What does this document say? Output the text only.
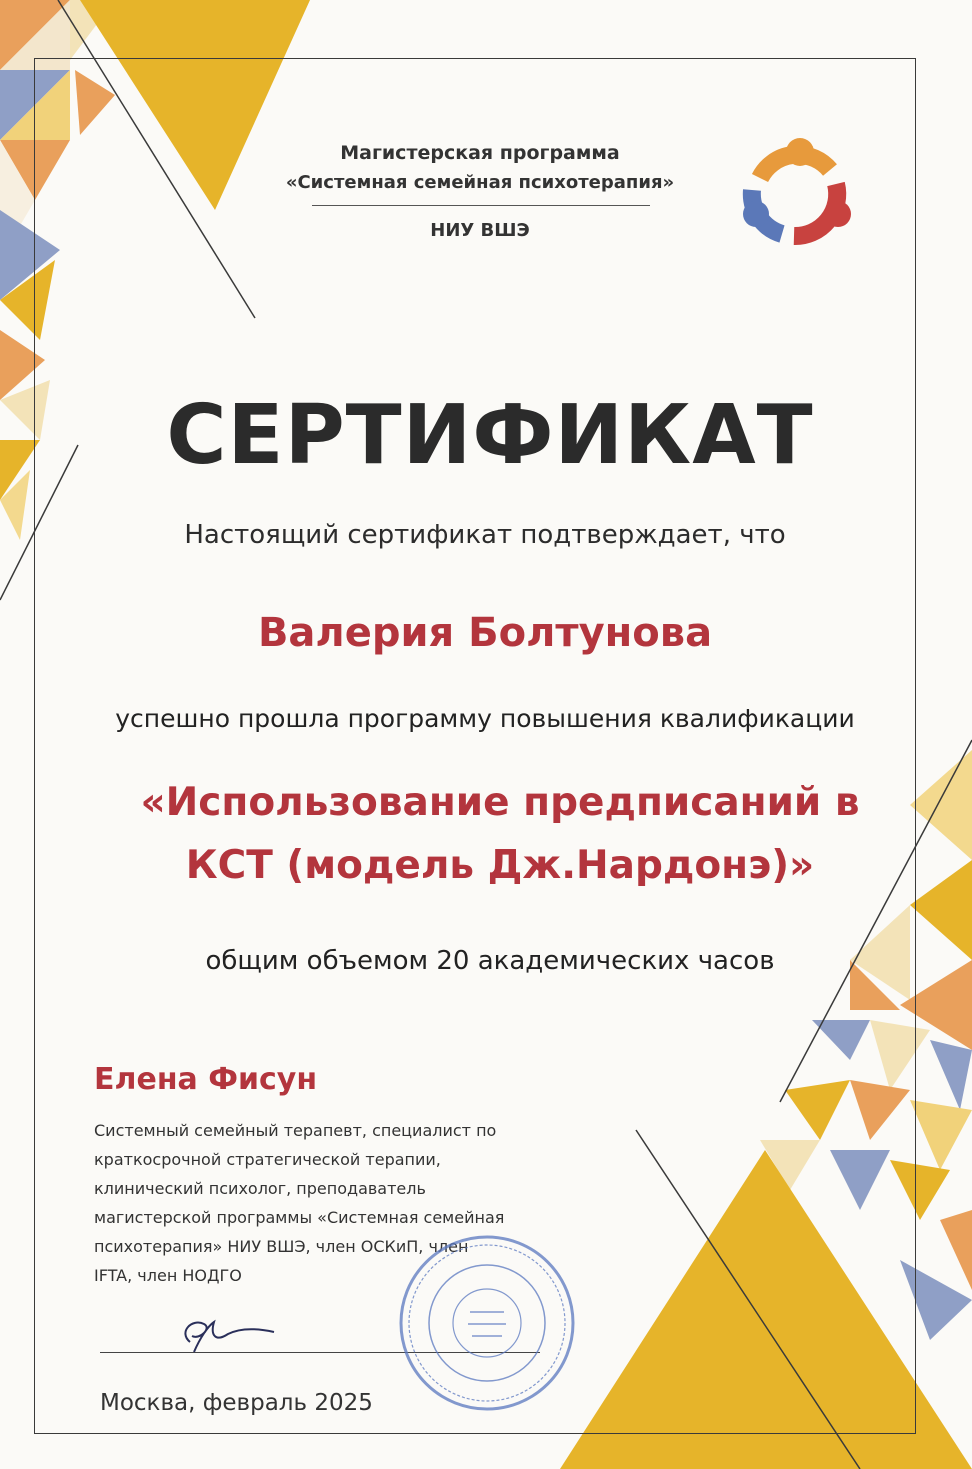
Магистерская программа

«Системная семейная психотерапия»

НИУ ВШЭ

СЕРТИФИКАТ

Настоящий сертификат подтверждает, что

Валерия Болтунова

успешно прошла программу повышения квалификации

«Использование предписаний в

КСТ (модель Дж.Нардонэ)»

общим объемом 20 академических часов

Елена Фисун

Системный семейный терапевт, специалист по
краткосрочной стратегической терапии,
клинический психолог, преподаватель
магистерской программы «Системная семейная
психотерапия» НИУ ВШЭ, член ОСКиП, член
IFTA, член НОДГО

Москва, февраль 2025
